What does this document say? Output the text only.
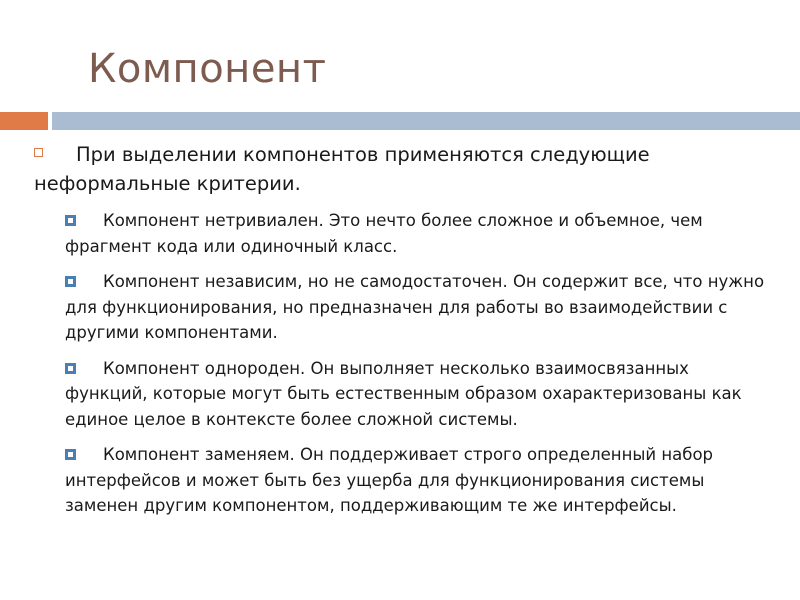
Компонент

При выделении компонентов применяются следующие неформальные критерии.

Компонент нетривиален. Это нечто более сложное и объемное, чем фрагмент кода или одиночный класс.

Компонент независим, но не самодостаточен. Он содержит все, что нужно для функционирования, но предназначен для работы во взаимодействии с другими компонентами.

Компонент однороден. Он выполняет несколько взаимосвязанных функций, которые могут быть естественным образом охарактеризованы как единое целое в контексте более сложной системы.

Компонент заменяем. Он поддерживает строго определенный набор интерфейсов и может быть без ущерба для функционирования системы заменен другим компонентом, поддерживающим те же интерфейсы.
